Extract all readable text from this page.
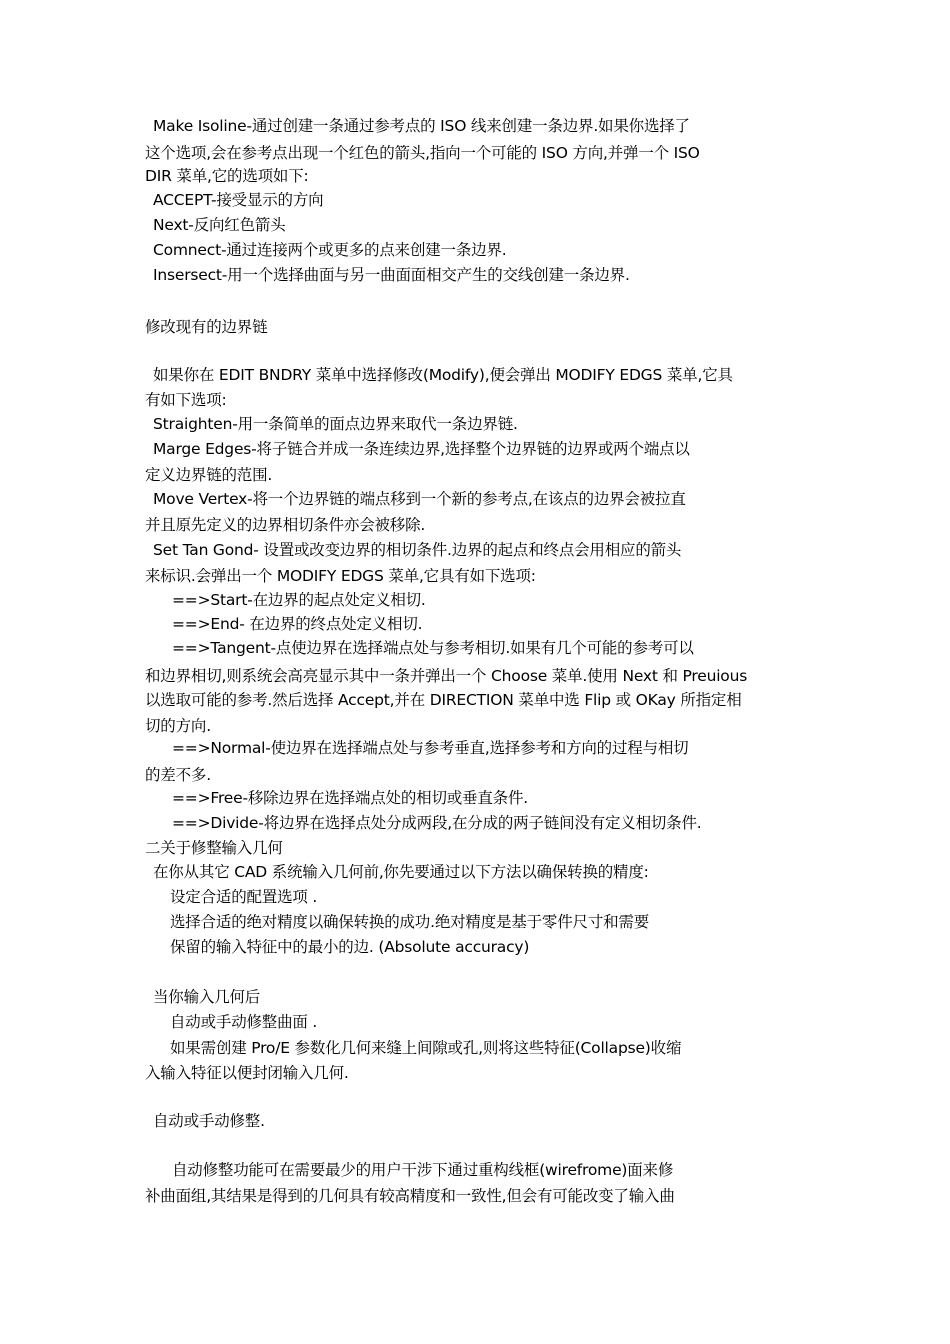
Make Isoline-通过创建一条通过参考点的 ISO 线来创建一条边界.如果你选择了
这个选项,会在参考点出现一个红色的箭头,指向一个可能的 ISO 方向,并弹一个 ISO
DIR 菜单,它的选项如下:
ACCEPT-接受显示的方向
Next-反向红色箭头
Comnect-通过连接两个或更多的点来创建一条边界.
Insersect-用一个选择曲面与另一曲面面相交产生的交线创建一条边界.
修改现有的边界链
如果你在 EDIT BNDRY 菜单中选择修改(Modify),便会弹出 MODIFY EDGS 菜单,它具
有如下选项:
Straighten-用一条简单的面点边界来取代一条边界链.
Marge Edges-将子链合并成一条连续边界,选择整个边界链的边界或两个端点以
定义边界链的范围.
Move Vertex-将一个边界链的端点移到一个新的参考点,在该点的边界会被拉直
并且原先定义的边界相切条件亦会被移除.
Set Tan Gond- 设置或改变边界的相切条件.边界的起点和终点会用相应的箭头
来标识.会弹出一个 MODIFY EDGS 菜单,它具有如下选项:
==>Start-在边界的起点处定义相切.
==>End- 在边界的终点处定义相切.
==>Tangent-点使边界在选择端点处与参考相切.如果有几个可能的参考可以
和边界相切,则系统会高亮显示其中一条并弹出一个 Choose 菜单.使用 Next 和 Preuious
以选取可能的参考.然后选择 Accept,并在 DIRECTION 菜单中选 Flip 或 OKay 所指定相
切的方向.
==>Normal-使边界在选择端点处与参考垂直,选择参考和方向的过程与相切
的差不多.
==>Free-移除边界在选择端点处的相切或垂直条件.
==>Divide-将边界在选择点处分成两段,在分成的两子链间没有定义相切条件.
二关于修整输入几何
在你从其它 CAD 系统输入几何前,你先要通过以下方法以确保转换的精度:
设定合适的配置选项 .
选择合适的绝对精度以确保转换的成功.绝对精度是基于零件尺寸和需要
保留的输入特征中的最小的边. (Absolute accuracy)
当你输入几何后
自动或手动修整曲面 .
如果需创建 Pro/E 参数化几何来缝上间隙或孔,则将这些特征(Collapse)收缩
入输入特征以便封闭输入几何.
自动或手动修整.
自动修整功能可在需要最少的用户干涉下通过重构线框(wirefrome)面来修
补曲面组,其结果是得到的几何具有较高精度和一致性,但会有可能改变了输入曲
